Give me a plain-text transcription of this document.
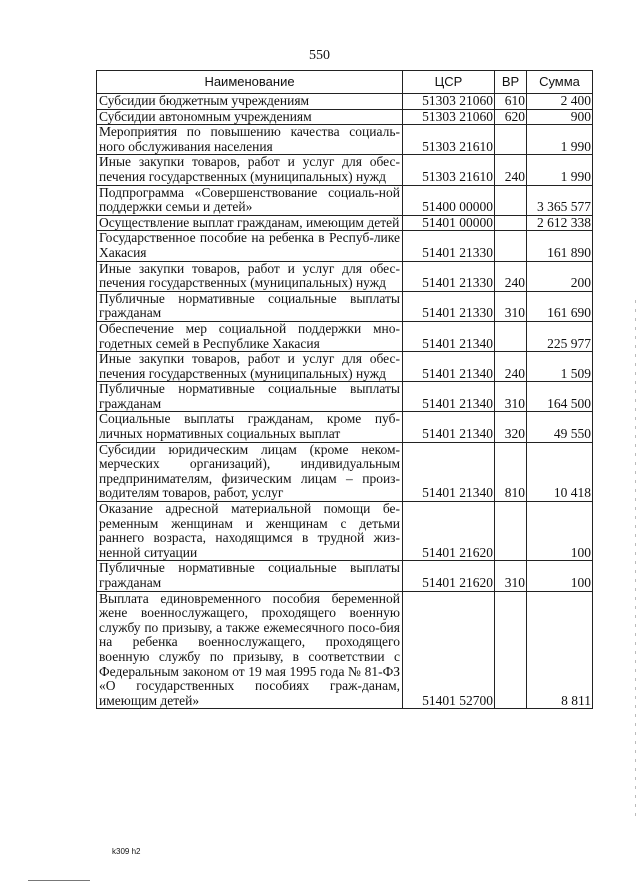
550
Наименование	ЦСР	ВР	Сумма
Субсидии бюджетным учреждениям	51303 21060	610	2 400
Субсидии автономным учреждениям	51303 21060	620	900
Мероприятия по повышению качества социаль-ного обслуживания населения	51303 21610		1 990
Иные закупки товаров, работ и услуг для обес-печения государственных (муниципальных) нужд	51303 21610	240	1 990
Подпрограмма «Совершенствование социаль-ной поддержки семьи и детей»	51400 00000		3 365 577
Осуществление выплат гражданам, имеющим детей	51401 00000		2 612 338
Государственное пособие на ребенка в Респуб-лике Хакасия	51401 21330		161 890
Иные закупки товаров, работ и услуг для обес-печения государственных (муниципальных) нужд	51401 21330	240	200
Публичные нормативные социальные выплаты гражданам	51401 21330	310	161 690
Обеспечение мер социальной поддержки мно-годетных семей в Республике Хакасия	51401 21340		225 977
Иные закупки товаров, работ и услуг для обес-печения государственных (муниципальных) нужд	51401 21340	240	1 509
Публичные нормативные социальные выплаты гражданам	51401 21340	310	164 500
Социальные выплаты гражданам, кроме пуб-личных нормативных социальных выплат	51401 21340	320	49 550
Субсидии юридическим лицам (кроме неком-мерческих организаций), индивидуальным предпринимателям, физическим лицам – произ-водителям товаров, работ, услуг	51401 21340	810	10 418
Оказание адресной материальной помощи бе-ременным женщинам и женщинам с детьми раннего возраста, находящимся в трудной жиз-ненной ситуации	51401 21620		100
Публичные нормативные социальные выплаты гражданам	51401 21620	310	100
Выплата единовременного пособия беременной жене военнослужащего, проходящего военную службу по призыву, а также ежемесячного посо-бия на ребенка военнослужащего, проходящего военную службу по призыву, в соответствии с Федеральным законом от 19 мая 1995 года № 81-ФЗ «О государственных пособиях граж-данам, имеющим детей»	51401 52700		8 811
k309 h2
